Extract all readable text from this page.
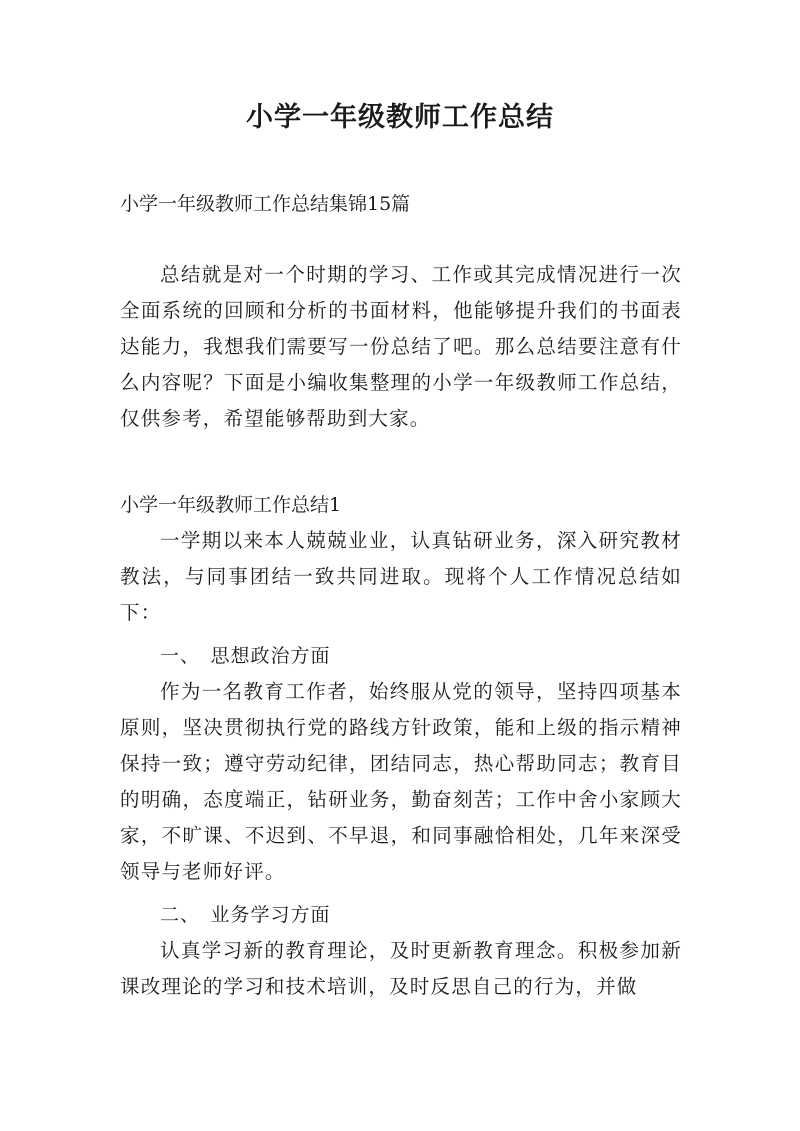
小学一年级教师工作总结
小学一年级教师工作总结集锦15篇

总结就是对一个时期的学习、工作或其完成情况进行一次全面系统的回顾和分析的书面材料，他能够提升我们的书面表达能力，我想我们需要写一份总结了吧。那么总结要注意有什么内容呢？下面是小编收集整理的小学一年级教师工作总结，仅供参考，希望能够帮助到大家。

小学一年级教师工作总结1

一学期以来本人兢兢业业，认真钻研业务，深入研究教材教法，与同事团结一致共同进取。现将个人工作情况总结如下：

一、　思想政治方面

作为一名教育工作者，始终服从党的领导，坚持四项基本原则，坚决贯彻执行党的路线方针政策，能和上级的指示精神保持一致；遵守劳动纪律，团结同志，热心帮助同志；教育目的明确，态度端正，钻研业务，勤奋刻苦；工作中舍小家顾大家，不旷课、不迟到、不早退，和同事融恰相处，几年来深受领导与老师好评。

二、　业务学习方面

认真学习新的教育理论，及时更新教育理念。积极参加新课改理论的学习和技术培训，及时反思自己的行为，并做
